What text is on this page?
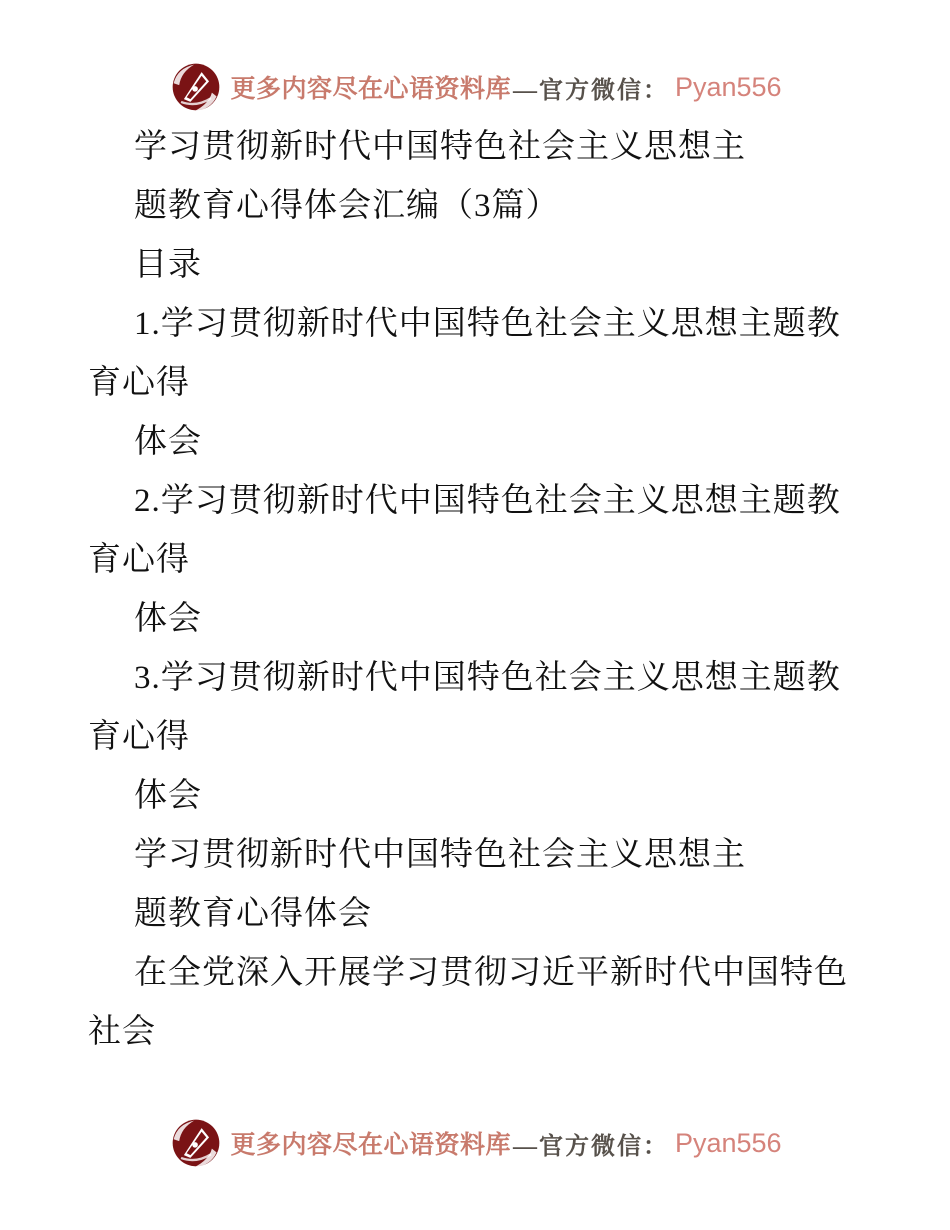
更多内容尽在心语资料库 —官方微信： Pyan556
学习贯彻新时代中国特色社会主义思想主
题教育心得体会汇编（3篇）
目录
1.学习贯彻新时代中国特色社会主义思想主题教
育心得
体会
2.学习贯彻新时代中国特色社会主义思想主题教
育心得
体会
3.学习贯彻新时代中国特色社会主义思想主题教
育心得
体会
学习贯彻新时代中国特色社会主义思想主
题教育心得体会
在全党深入开展学习贯彻习近平新时代中国特色
社会
更多内容尽在心语资料库 —官方微信： Pyan556
